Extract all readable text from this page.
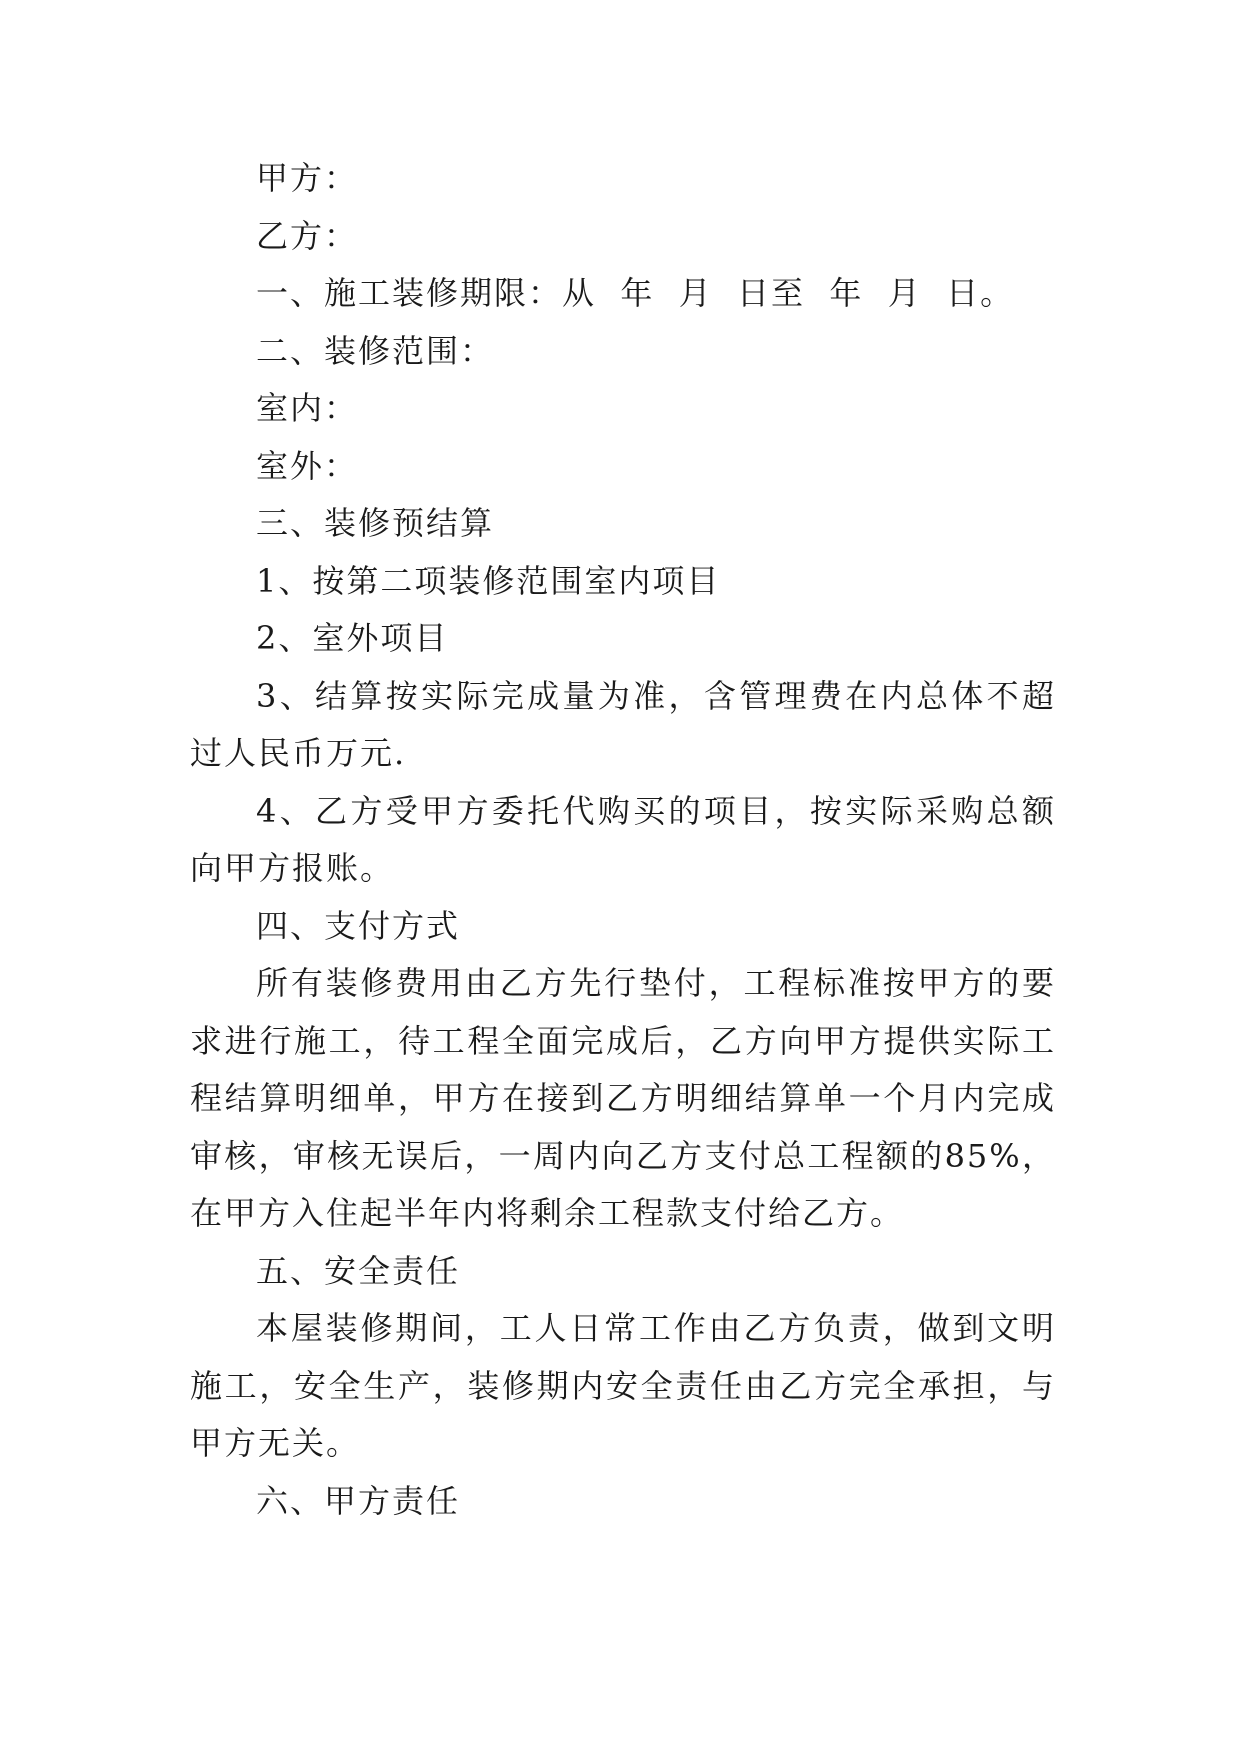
甲方：

乙方：

一、施工装修期限：从  年  月  日至  年  月  日。

二、装修范围：

室内：

室外：

三、装修预结算

1、按第二项装修范围室内项目

2、室外项目

3、结算按实际完成量为准，含管理费在内总体不超过人民币万元.

4、乙方受甲方委托代购买的项目，按实际采购总额向甲方报账。

四、支付方式

所有装修费用由乙方先行垫付，工程标准按甲方的要求进行施工，待工程全面完成后，乙方向甲方提供实际工程结算明细单，甲方在接到乙方明细结算单一个月内完成审核，审核无误后，一周内向乙方支付总工程额的85%，在甲方入住起半年内将剩余工程款支付给乙方。

五、安全责任

本屋装修期间，工人日常工作由乙方负责，做到文明施工，安全生产，装修期内安全责任由乙方完全承担，与甲方无关。

六、甲方责任
